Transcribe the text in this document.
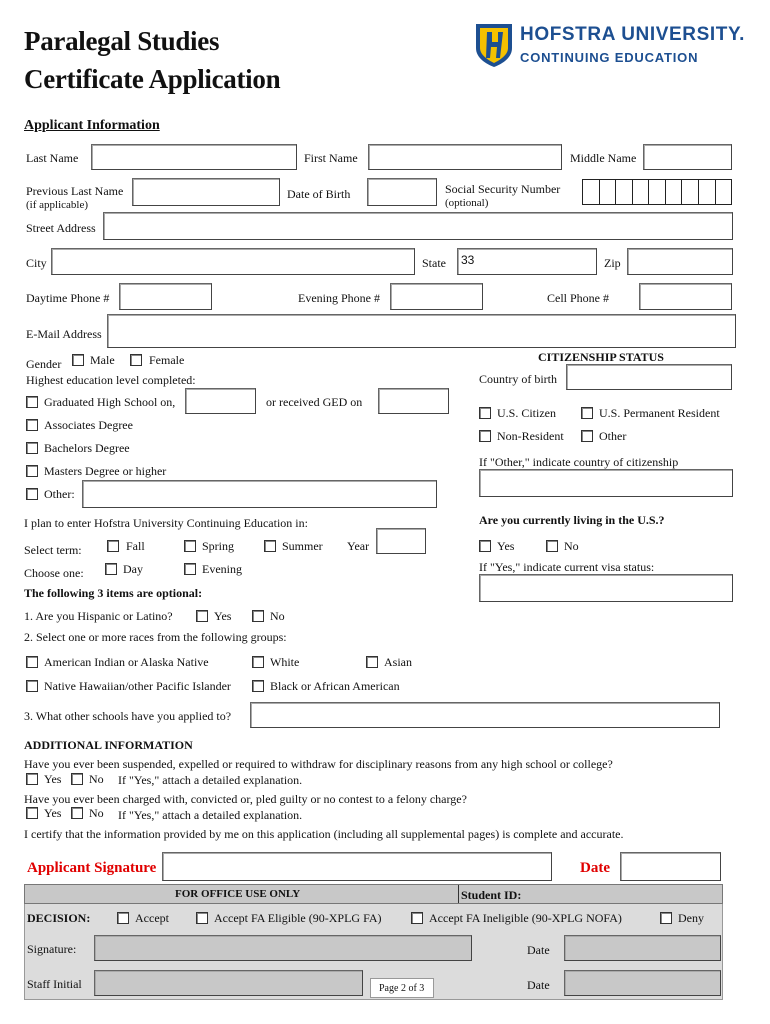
Paralegal Studies
Certificate Application
HOFSTRA UNIVERSITY.
CONTINUING EDUCATION
Applicant Information
Last Name	First Name	Middle Name
Previous Last Name
(if applicable)
Date of Birth	Social Security Number
(optional)
Street Address
City	State	33	Zip
Daytime Phone #	Evening Phone #	Cell Phone #
E-Mail Address
Gender Male	Female
Highest education level completed:
Graduated High School on,	or received GED on
Associates Degree
Bachelors Degree
Masters Degree or higher
Other:
CITIZENSHIP STATUS
Country of birth
U.S. Citizen	U.S. Permanent Resident
Non-Resident	Other
If "Other," indicate country of citizenship
Are you currently living in the U.S.?
Yes	No
If "Yes," indicate current visa status:
I plan to enter Hofstra University Continuing Education in:
Select term:	Fall	Spring	Summer Year
Choose one:	Day	Evening
The following 3 items are optional:
1. Are you Hispanic or Latino?	Yes	No
2. Select one or more races from the following groups:
American Indian or Alaska Native	White	Asian
Native Hawaiian/other Pacific Islander	Black or African American
3. What other schools have you applied to?
ADDITIONAL INFORMATION
Have you ever been suspended, expelled or required to withdraw for disciplinary reasons from any high school or college?
Yes No If "Yes," attach a detailed explanation.
Have you ever been charged with, convicted or, pled guilty or no contest to a felony charge?
Yes No If "Yes," attach a detailed explanation.
I certify that the information provided by me on this application (including all supplemental pages) is complete and accurate.
Applicant Signature	Date
FOR OFFICE USE ONLY	Student ID:
DECISION:	Accept	Accept FA Eligible (90-XPLG FA)	Accept FA Ineligible (90-XPLG NOFA)	Deny
Signature:	Date
Staff Initial	Page 2 of 3	Date
